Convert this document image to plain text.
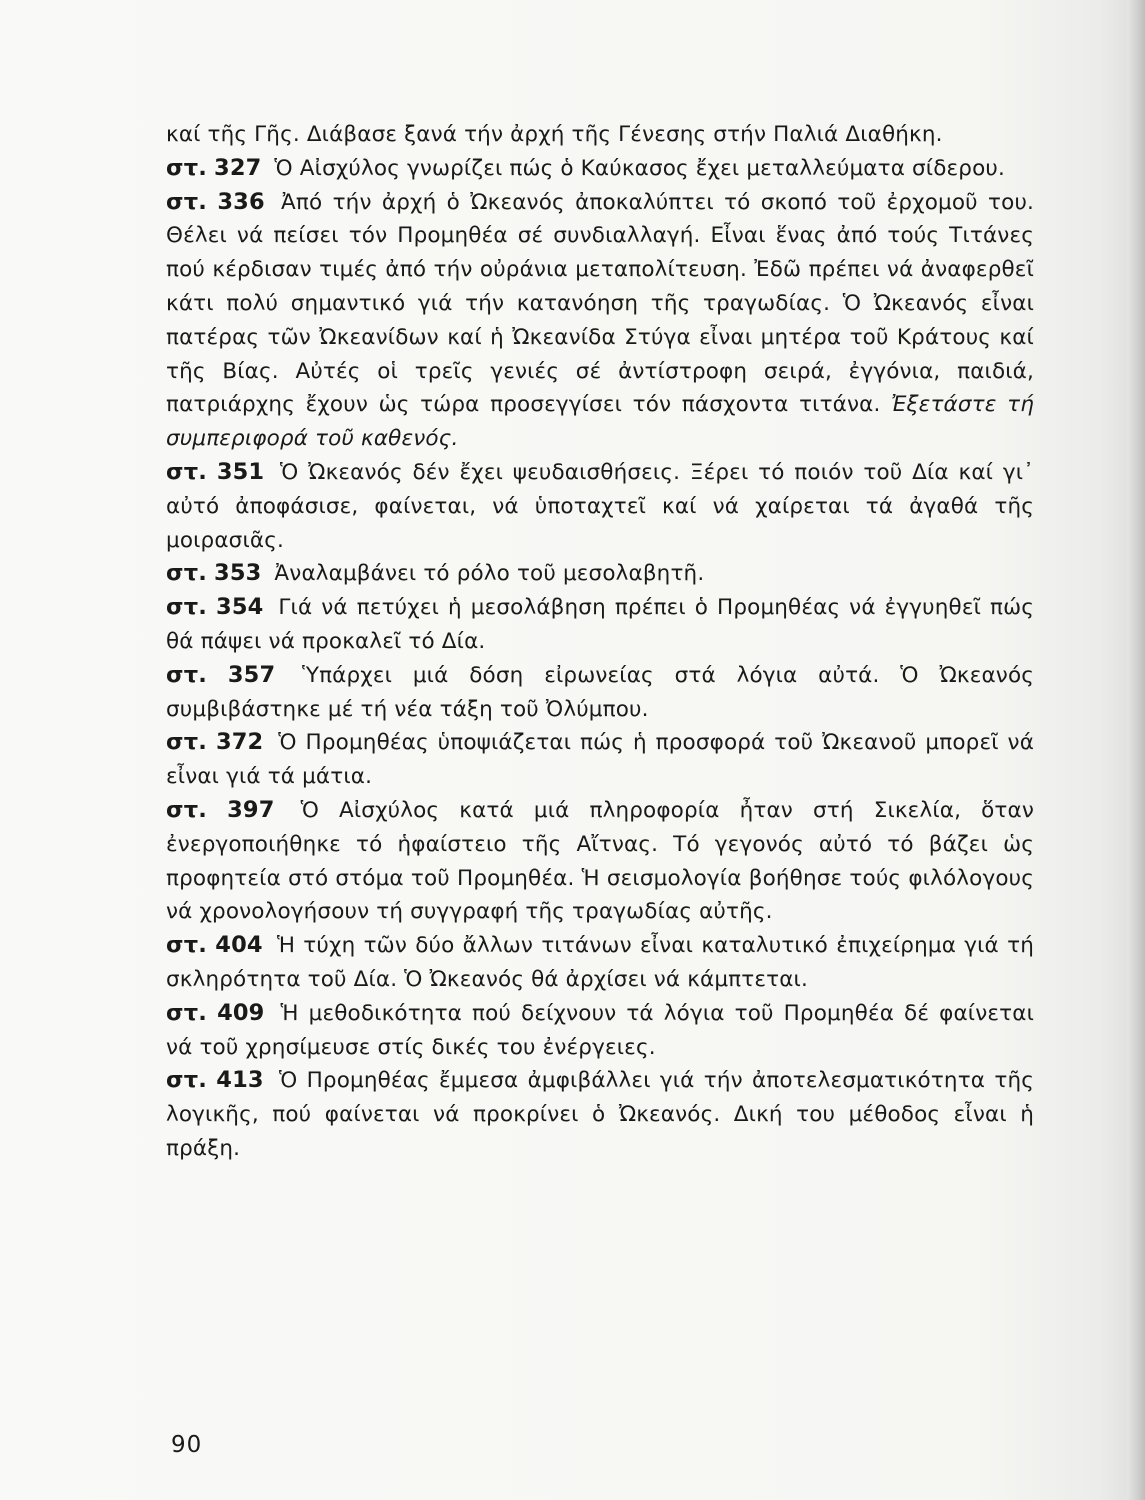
καί τῆς Γῆς. Διάβασε ξανά τήν ἀρχή τῆς Γένεσης στήν Παλιά Διαθήκη.

στ. 327 Ὁ Αἰσχύλος γνωρίζει πώς ὁ Καύκασος ἔχει μεταλλεύματα σίδερου.

στ. 336 Ἀπό τήν ἀρχή ὁ Ὠκεανός ἀποκαλύπτει τό σκοπό τοῦ ἐρχομοῦ του. Θέλει νά πείσει τόν Προμηθέα σέ συνδιαλλαγή. Εἶναι ἕνας ἀπό τούς Τιτάνες πού κέρδισαν τιμές ἀπό τήν οὐράνια μεταπολίτευση. Ἐδῶ πρέπει νά ἀναφερθεῖ κάτι πολύ σημαντικό γιά τήν κατανόηση τῆς τραγωδίας. Ὁ Ὠκεανός εἶναι πατέρας τῶν Ὠκεανίδων καί ἡ Ὠκεανίδα Στύγα εἶναι μητέρα τοῦ Κράτους καί τῆς Βίας. Αὐτές οἱ τρεῖς γενιές σέ ἀντίστροφη σειρά, ἐγγόνια, παιδιά, πατριάρχης ἔχουν ὡς τώρα προσεγγίσει τόν πάσχοντα τιτάνα. Ἐξετάστε τή συμπεριφορά τοῦ καθενός.

στ. 351 Ὁ Ὠκεανός δέν ἔχει ψευδαισθήσεις. Ξέρει τό ποιόν τοῦ Δία καί γι᾿ αὐτό ἀποφάσισε, φαίνεται, νά ὑποταχτεῖ καί νά χαίρεται τά ἀγαθά τῆς μοιρασιᾶς.

στ. 353 Ἀναλαμβάνει τό ρόλο τοῦ μεσολαβητῆ.

στ. 354 Γιά νά πετύχει ἡ μεσολάβηση πρέπει ὁ Προμηθέας νά ἐγγυηθεῖ πώς θά πάψει νά προκαλεῖ τό Δία.

στ. 357 Ὑπάρχει μιά δόση εἰρωνείας στά λόγια αὐτά. Ὁ Ὠκεανός συμβιβάστηκε μέ τή νέα τάξη τοῦ Ὀλύμπου.

στ. 372 Ὁ Προμηθέας ὑποψιάζεται πώς ἡ προσφορά τοῦ Ὠκεανοῦ μπορεῖ νά εἶναι γιά τά μάτια.

στ. 397 Ὁ Αἰσχύλος κατά μιά πληροφορία ἦταν στή Σικελία, ὅταν ἐνεργοποιήθηκε τό ἡφαίστειο τῆς Αἴτνας. Τό γεγονός αὐτό τό βάζει ὡς προφητεία στό στόμα τοῦ Προμηθέα. Ἡ σεισμολογία βοήθησε τούς φιλόλογους νά χρονολογήσουν τή συγγραφή τῆς τραγωδίας αὐτῆς.

στ. 404 Ἡ τύχη τῶν δύο ἄλλων τιτάνων εἶναι καταλυτικό ἐπιχείρημα γιά τή σκληρότητα τοῦ Δία. Ὁ Ὠκεανός θά ἀρχίσει νά κάμπτεται.

στ. 409 Ἡ μεθοδικότητα πού δείχνουν τά λόγια τοῦ Προμηθέα δέ φαίνεται νά τοῦ χρησίμευσε στίς δικές του ἐνέργειες.

στ. 413 Ὁ Προμηθέας ἔμμεσα ἀμφιβάλλει γιά τήν ἀποτελεσματικότητα τῆς λογικῆς, πού φαίνεται νά προκρίνει ὁ Ὠκεανός. Δική του μέθοδος εἶναι ἡ πράξη.

90
